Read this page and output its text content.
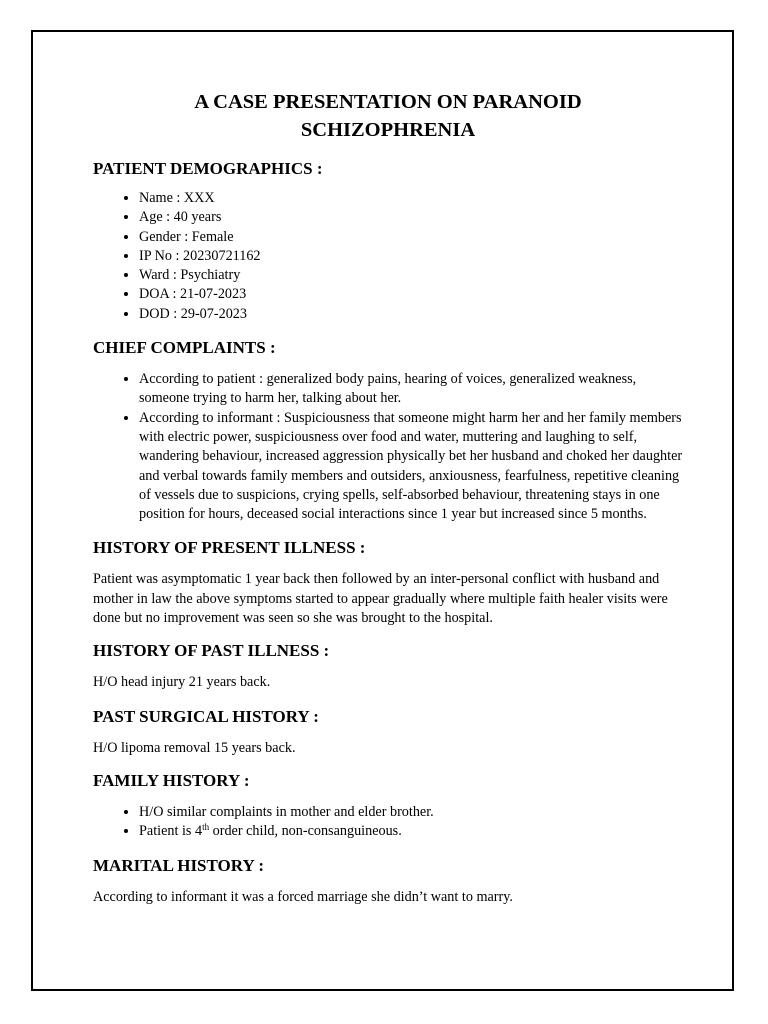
A CASE PRESENTATION ON PARANOID
SCHIZOPHRENIA
PATIENT DEMOGRAPHICS :
• Name : XXX
• Age : 40 years
• Gender : Female
• IP No : 20230721162
• Ward : Psychiatry
• DOA : 21-07-2023
• DOD : 29-07-2023
CHIEF COMPLAINTS :
• According to patient : generalized body pains, hearing of voices, generalized weakness, someone trying to harm her, talking about her.
• According to informant : Suspiciousness that someone might harm her and her family members with electric power, suspiciousness over food and water, muttering and laughing to self, wandering behaviour, increased aggression physically bet her husband and choked her daughter and verbal towards family members and outsiders, anxiousness, fearfulness, repetitive cleaning of vessels due to suspicions, crying spells, self-absorbed behaviour, threatening stays in one position for hours, deceased social interactions since 1 year but increased since 5 months.
HISTORY OF PRESENT ILLNESS :

Patient was asymptomatic 1 year back then followed by an inter-personal conflict with husband and mother in law the above symptoms started to appear gradually where multiple faith healer visits were done but no improvement was seen so she was brought to the hospital.

HISTORY OF PAST ILLNESS :

H/O head injury 21 years back.

PAST SURGICAL HISTORY :

H/O lipoma removal 15 years back.

FAMILY HISTORY :
• H/O similar complaints in mother and elder brother.
• Patient is 4th order child, non-consanguineous.
MARITAL HISTORY :

According to informant it was a forced marriage she didn’t want to marry.
